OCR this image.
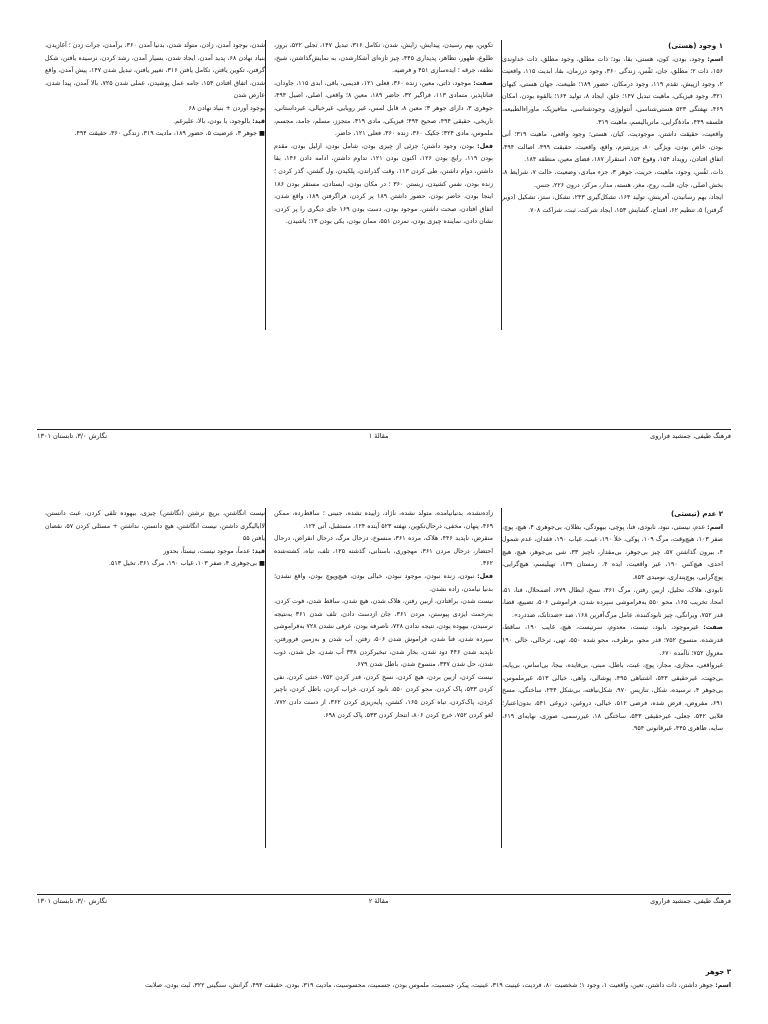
۱ وجود (هستی)

اسم: وجود، بودن، کون، هستی، بقا، بود؛ ذات مطلق، وجود مطلق، ذات خداوندی ۱۵۶، ذات ۲؛ مطلق، جان، نَفْس، زندگی ۳۶۰، وجود درزمان، بقا، ابدیت ۱۱۵، واقعیت ۲، وجود ازپیش، تقدم ۱۱۹، وجود درمکان، حضور ۱۸۹؛ طبیعت، جهان هستی، کیهان ۳۲۱، وجود فیزیکی، ماهیت تبدیل ۱۴۷؛ خلق، ایجاد ۸، تولید ۱۶۴؛ بالقوه بودن، امکان ۴۶۹، نهفتگی ۵۲۳ هستی‌شناسی، اُنتولوژی، وجودشناسی، متافیزیک، ماوراءالطبیعه، فلسفه ۴۴۹، مادهٔ‌گرایی، ماتریالیسم، ماهیت ۳۱۹.

واقعیت، حقیقت داشتن، موجودیت، کیان، هستی؛ وجود واقعی، ماهیت ۳۱۹؛ اَنی بودن، خاص بودن، ویژگی ۸۰، پرزنتیزم، واقع، واقعیت، حقیقت ۴۹۹، اصالت ۴۹۴، اتفاق افتادن، رویداد ۱۵۴، وقوع ۱۵۴، استقرار ۱۸۷، فضای معین، منطقه ۱۸۴.

ذات، نَفْس، وجود، ماهیت، حریت، جوهر ۳، جزء مبادی، وضعیت، حالت ۷، شرایط ۸، بخش اصلی، جان، قلب، روح، مغز، هسته، مدار، مرکز، درون ۲۲۶، جنس.

ایجاد، بهم رسانیدن، آفرینش، تولید ۱۶۴، تشکل‌گیری ۲۴۳، تشکل، ستز، تشکیل (دوبر گرفتن) ۵، تنظیم ۶۲، افتتاح، گشایش ۱۵۳، ایجاد شرکت، ثبت، شراکت ۷۰۸.

تکوین، بهم رسیدن، پیدایش، زایش، شدن، تکامل ۳۱۶، تبدیل ۱۴۷، تجلی ۵۲۲، بروز، طلوع، ظهور، تظاهر، پدیداری ۴۴۵، چیز تازه‌ای آشکارشدن، به نمایش‌گذاشتن، شیخ، نطفه، جرقه ؛ ایده‌سازی ۴۵۱ و فرضیه.

صفت: موجود، ذاتی، معین، زنده ۳۶۰، فعلی ۱۲۱، قدیمی، باقی، ابدی ۱۱۵، جاودان، فناناپذیر، متمادی ۱۱۳، فراگیر ۳۲، حاضر ۱۸۹، معین ۸؛ واقعی، اصلی، اصیل ۴۹۴، جوهری ۳، دارای جوهر ۳؛ معین ۸، قابل لمس، غیر رویایی، غیرخیالی، غیرداستانی، تاریخی، حقیقی ۴۹۴، صحیح ۴۹۴؛ فیزیکی، مادی ۳۱۹، متجزز، مسلم، جامد، مجسم، ملموس، مادی ۳۲۴؛ جکیک ۳۶۰، زنده ۳۶۰، فعلی ۱۲۱، حاضر.

فعل: بودن، وجود داشتن؛ جزئی از چیزی بودن، شامل بودن، ازلیل بودن، مقدم بودن ۱۱۹، رایج بودن ۱۲۶، اکنون بودن ۱۲۱، تداوم داشتن، ادامه دادن ۱۴۶، بقا داشتن، دوام داشتن، طی کردن ۱۱۳، وقت گذراندن، پلکیدن، ول گشتن، گذر کردن ؛ زنده بودن، نفس کشیدن، زیستن ۳۶۰ ؛ در مکان بودن، ایستادن، مستقر بودن ۱۸۶ اینجا بودن، حاضر بودن، حضور داشتن ۱۸۹ پر کردن، فراگرفتن ۱۸۹، واقع شدن، اتفاق افتادن، صحت داشتن، موجود بودن، دست بودن ۱۶۹ جای دیگری را پر کردن، نشان دادن، نماینده چیزی بودن، تمردن ۵۵۱، ممان بودن، یکی بودن ۱۳؛ باشیدن.

شدن، بوجود آمدن، زادن، متولد شدن، بدنیا آمدن ۳۶۰، برآمدن، جرات زدن ؛ آغازیدن، بنیاد نهادن ۶۸، پدید آمدن، ایجاد شدن، بسیار آمدن، رشد کردن، نرسیده یافتن، شکل گرفتن، تکوین یافتن، تکامل یافتن ۳۱۶، تغییر یافتن، تبدیل شدن ۱۴۷، پیش آمدن، واقع شدن، اتفاق افتادن ۱۵۴، جامه عمل پوشیدن، عملی شدن ۷۲۵، بالا آمدن، پیدا شدن، عارض شدن

بوجود آوردن + بنیاد نهادن ۶۸

قید: بالوجود، با بودن، بالا، علیرغم.

■ جوهر ۳، عرضیت ۵، حضور ۱۸۹، مادیت ۳۱۹، زندگی ۳۶۰، حقیقت ۴۹۴.

فرهنگ طیفی، جمشید فراروی
مقالهٔ ۱
نگارش ۳/۰، تابستان ۱۳۰۱
۲ عدم (نیستی)

اسم: عدم، نیستی، نبود، نابودی، فنا، پوچی، بیهودگی، بطلان، بی‌جوهری ۴، هیچ، پوچ، صفر ۱۰۳، هیچ‌وقت، مرگ ۱۰۹، پوکی، خلأ ۱۹۰، غیب، غیاب ۱۹۰، فقدان، عدم شمول ۴، بیرون گذاشتن ۵۷، چیز بی‌جوهر، بی‌مقدار، ناچیز ۳۳، شی بی‌جوهر، هیچ، هیچ احدی، هیچ‌کس ۱۹۰، غیر واقعیت، ایده ۴، زمستان ۱۳۹، تهیلیسم، هیچ‌گرایی، پوچ‌گرایی، پوچ‌پنداری، نومیدی ۸۵۳.

نابودی، هلاک، تحلیل، ازبین رفتن، مرگ ۳۶۱، نسخ، ابطال ۶۷۹، اضمحلال، فنا، ۵۱، امحا، تخریب ۱۶۵، محو ۵۵۰ به‌فراموشی سپرده شدن، فراموشی ۵۰۶، تضییع، قضا، قدر ۷۵۲، ویرانگی، چیز نابودکننده، عامل مرگ‌آفرین ۱۶۸، ضد «ضدتانک، ضددرد».

صفت: غیرموجود، نابود، نیست، معدوم، سرنیست، هیچ، غایب ۱۹۰، ساقط، قدرشده، منسوخ ۷۵۲؛ قدر محو، برطرف، محو شده ۵۵۰، تهی، ترخالی، خالی ۱۹۰ معزول ۷۵۲؛ ناآمده ۶۷۰.

غیرواقعی، مجازی، مجاز، پوچ، عبث، باطل، مبنی، بی‌فایده، بیجا، بی‌اساس، بی‌پایه، بی‌جهت، غیرحقیقی ۵۴۳، اشتباهی ۴۹۵، پوشالی، واهی، خیالی ۵۱۳، غیرملموس، بی‌جوهر ۴، نرسیده، شکل، تنازیس ۹۷۰، شکل‌نیافته، بی‌شکل ۲۴۴، ساختگی، مسخ ۶۹۱، مفروض، فرض شده، فرضی ۵۱۲، خیالی، دروغین، دروغی ۵۴۱، بدون‌اعتبار؛ قلابی ۵۴۲، جعلی، غیرحقیقی ۵۴۳، ساختگی ۱۸، غیررسمی، صوری، نهایه‌ای ۶۱۹، سایه، ظاهری ۴۴۵، غیرقانونی ۹۵۴.

زاده‌نشده، بدنیانیامده، متولد نشده، ناژاد، زاییده نشده، جنینی ؛ ساقط‌رده، ممکن ۴۶۹، پنهان، مخفی، درحال‌تکوین، نهفته ۵۲۳ آینده ۱۲۴، مستقبل، آتی ۱۲۴.

منقرض، ناپدید ۴۴۶، هلاک، مرده ۳۶۱، منسوخ، درحال مرگ، درحال انقراض، درحال احتضار، درحال مردن ۳۶۱، مهجوری، باستانی، گذشته ۱۲۵، تلف، تباه، کشته‌شده ۳۶۲.

فعل: نبودن، زنده نبودن، موجود نبودن، خیالی بودن، هیچ‌وپوچ بودن، واقع نشدن؛ بدنیا نیامدن، زاده نشدن.

نیست شدن، برافتادن، ازبین رفتن، هلاک شدن، هیچ شدن، ساقط شدن، فوت کردن، به‌رحمت ایزدی پیوستن، مردن ۳۶۱، جان ازدست دادن، تلف شدن ۳۶۱ به‌نتیجه نرسیدن، بیهوده بودن، نتیجه ندادن ۷۲۸، ناصرفه بودن، عرفی نشدن ۷۲۸ به‌فراموشی سپرده شدن، فنا شدن، فراموش شدن ۵۰۶، رفتن، آب شدن و به‌زمین فرورفتن، ناپدید شدن ۴۴۶ دود شدن، بخار شدن، تبخیرکردن ۳۳۸ آب شدن، حل شدن، ذوب شدن، حل شدن ۳۳۷، منسوخ شدن، باطل شدن ۶۷۹.

نیست کردن، ازبین بردن، هیچ کردن، نسخ کردن، قدر کردن ۷۵۲، خنثی کردن، نفی کردن ۵۳۳، پاک کردن، محو کردن ۵۵۰، نابود کردن، خراب کردن، باطل کردن، ناچیز کردن، پاک‌کردن، تباه کردن ۱۶۵، کشتن، پایه‌ریزی کردن ۳۶۲، از دست دادن ۷۷۲، لغو کردن ۷۵۲، خرج کردن ۸۰۶، انتحار کردن ۵۳۳، پاک کردن ۶۹۸.

نیست انگاشتن، برپچ نرشتن (نگاشتن) چیزی، بیهوده تلقی کردن، عبث دانستن، لاابالیگری داشتن، نیست انگاشتن، هیچ دانستن، نداشتن + مسئلی کردن ۵۷، نقصان یافتن ۵۵

قید: عدماً، موجود نیست، نیستاً، بحدور

■ بی‌جوهری ۴، صفر ۱۰۳، غیاب ۱۹۰، مرگ ۳۶۱، تخیل ۵۱۳.

فرهنگ طیفی، جمشید فراروی
مقالهٔ ۲
نگارش ۳/۰، تابستان ۱۳۰۱
۳ جوهر

اسم: جوهر داشتن، ذات داشتن، تعین، واقعیت ۱، وجود ۱؛ شخصیت ۸۰، فردیت، عینیت ۳۱۹، عینیت، پیکر، جسمیت، ملموس بودن، جسمیت، محسوسیت، مادیت ۳۱۹، بودن، حقیقت ۴۹۴، گرانش، سنگینی ۳۲۲، ثَبت بودن، صلابت
